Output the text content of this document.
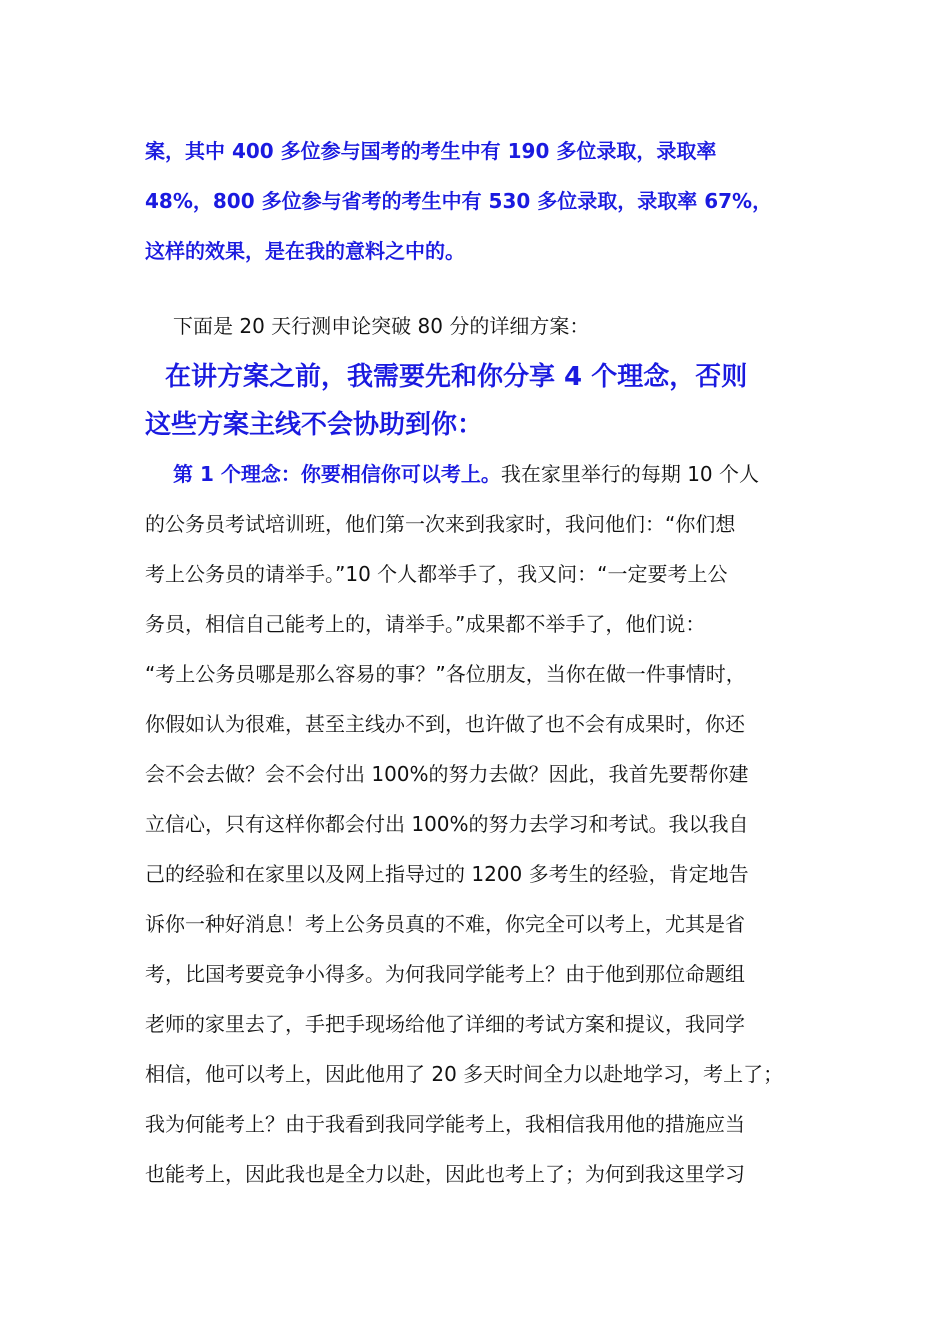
案，其中 400 多位参与国考的考生中有 190 多位录取，录取率
48%，800 多位参与省考的考生中有 530 多位录取，录取率 67%，
这样的效果，是在我的意料之中的。
下面是 20 天行测申论突破 80 分的详细方案：
在讲方案之前，我需要先和你分享 4 个理念，否则
这些方案主线不会协助到你：
第 1 个理念：你要相信你可以考上。我在家里举行的每期 10 个人
的公务员考试培训班，他们第一次来到我家时，我问他们：“你们想
考上公务员的请举手。”10 个人都举手了，我又问：“一定要考上公
务员，相信自己能考上的，请举手。”成果都不举手了，他们说：
“考上公务员哪是那么容易的事？”各位朋友，当你在做一件事情时，
你假如认为很难，甚至主线办不到，也许做了也不会有成果时，你还
会不会去做？会不会付出 100%的努力去做？因此，我首先要帮你建
立信心，只有这样你都会付出 100%的努力去学习和考试。我以我自
己的经验和在家里以及网上指导过的 1200 多考生的经验，肯定地告
诉你一种好消息！考上公务员真的不难，你完全可以考上，尤其是省
考，比国考要竞争小得多。为何我同学能考上？由于他到那位命题组
老师的家里去了，手把手现场给他了详细的考试方案和提议，我同学
相信，他可以考上，因此他用了 20 多天时间全力以赴地学习，考上了；
我为何能考上？由于我看到我同学能考上，我相信我用他的措施应当
也能考上，因此我也是全力以赴，因此也考上了；为何到我这里学习
